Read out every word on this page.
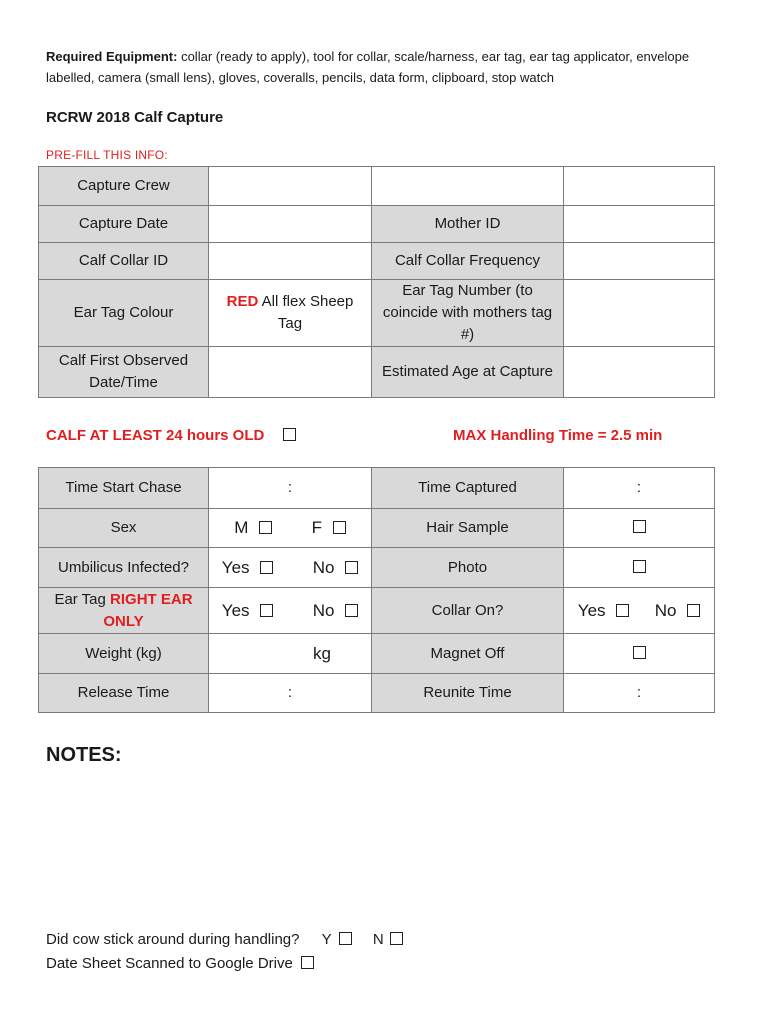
Required Equipment: collar (ready to apply), tool for collar, scale/harness, ear tag, ear tag applicator, envelope labelled, camera (small lens), gloves, coveralls, pencils, data form, clipboard, stop watch
RCRW 2018 Calf Capture
PRE-FILL THIS INFO:
Capture Crew			
Capture Date		Mother ID	
Calf Collar ID		Calf Collar Frequency	
Ear Tag Colour	RED All flex Sheep Tag	Ear Tag Number (to coincide with mothers tag #)	
Calf First Observed Date/Time		Estimated Age at Capture	
CALF AT LEAST 24 hours OLD	MAX Handling Time = 2.5 min
Time Start Chase	:	Time Captured	:
Sex	M F	Hair Sample	
Umbilicus Infected?	Yes No	Photo	
Ear Tag RIGHT EAR ONLY	Yes No	Collar On?	Yes No
Weight (kg)	kg	Magnet Off	
Release Time	:	Reunite Time	:
NOTES:
Did cow stick around during handling? Y	N
Date Sheet Scanned to Google Drive
